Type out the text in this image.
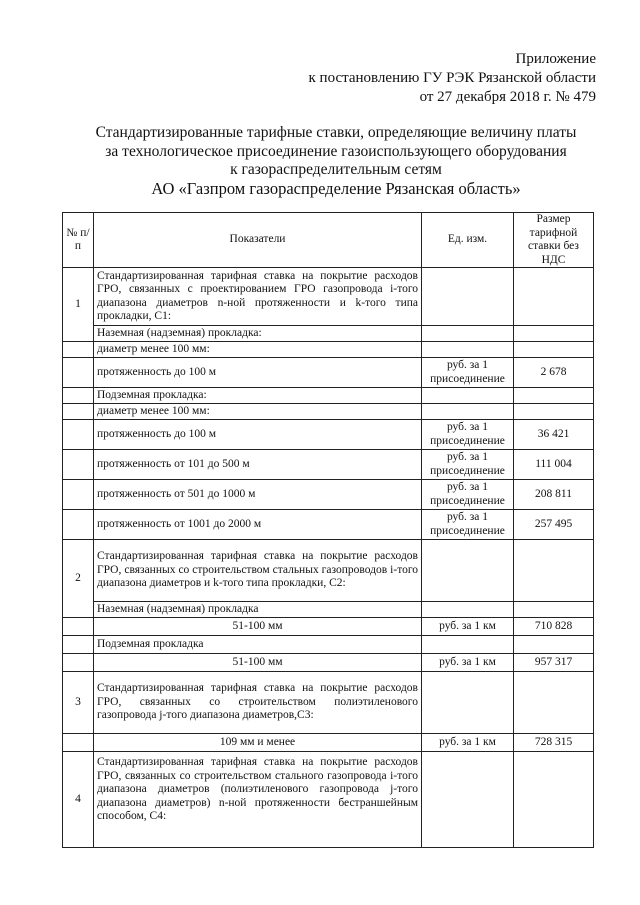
Приложение
к постановлению ГУ РЭК Рязанской области
от 27 декабря 2018 г. № 479
Стандартизированные тарифные ставки, определяющие величину платы
за технологическое присоединение газоиспользующего оборудования
к газораспределительным сетям
АО «Газпром газораспределение Рязанская область»
№ п/п	Показатели	Ед. изм.	Размер тарифной ставки без НДС
1	Стандартизированная тарифная ставка на покрытие расходов ГРО, связанных с проектированием ГРО газопровода i-того диапазона диаметров n-ной протяженности и k-того типа прокладки, С1:		
	Наземная (надземная) прокладка:		
	диаметр менее 100 мм:		
	протяженность до 100 м	руб. за 1 присоединение	2 678
	Подземная прокладка:		
	диаметр менее 100 мм:		
	протяженность до 100 м	руб. за 1 присоединение	36 421
	протяженность от 101 до 500 м	руб. за 1 присоединение	111 004
	протяженность от 501 до 1000 м	руб. за 1 присоединение	208 811
	протяженность от 1001 до 2000 м	руб. за 1 присоединение	257 495
2	Стандартизированная тарифная ставка на покрытие расходов ГРО, связанных со строительством стальных газопроводов i-того диапазона диаметров и k-того типа прокладки, С2:		
	Наземная (надземная) прокладка		
	51-100 мм	руб. за 1 км	710 828
	Подземная прокладка		
	51-100 мм	руб. за 1 км	957 317
3	Стандартизированная тарифная ставка на покрытие расходов ГРО, связанных со строительством полиэтиленового газопровода j-того диапазона диаметров,С3:		
	109 мм и менее	руб. за 1 км	728 315
4	Стандартизированная тарифная ставка на покрытие расходов ГРО, связанных со строительством стального газопровода i-того диапазона диаметров (полиэтиленового газопровода j-того диапазона диаметров) n-ной протяженности бестраншейным способом, С4:		
